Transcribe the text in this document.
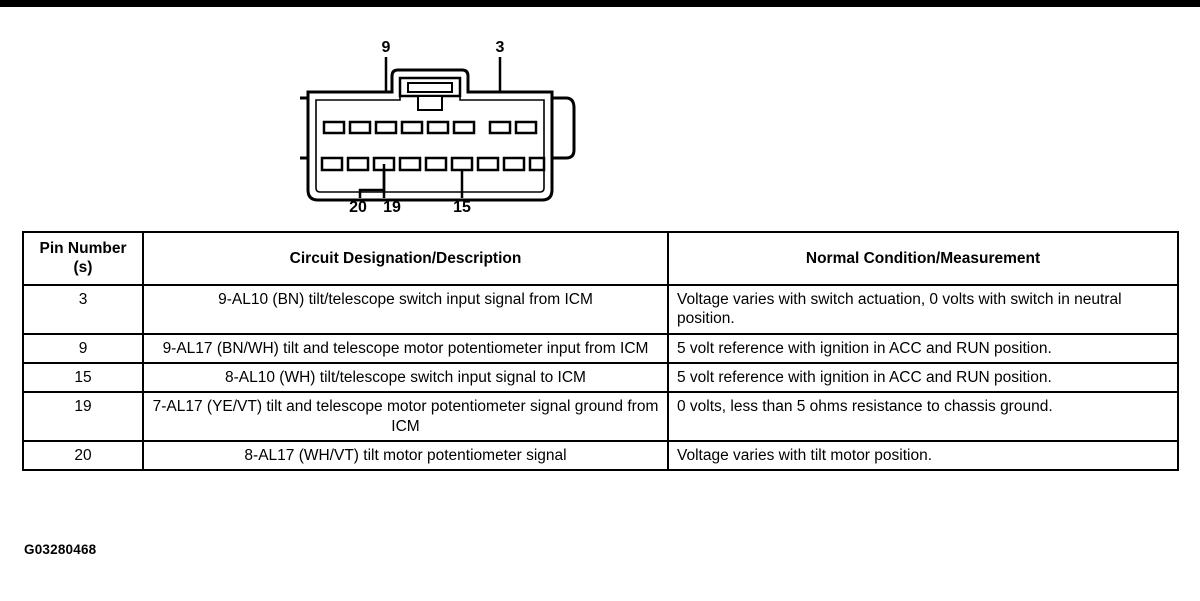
9	3
20 19	15
Pin Number
(s)	Circuit Designation/Description	Normal Condition/Measurement
3	9-AL10 (BN) tilt/telescope switch input signal from ICM	Voltage varies with switch actuation, 0 volts with switch in neutral position.
9	9-AL17 (BN/WH) tilt and telescope motor potentiometer input from ICM	5 volt reference with ignition in ACC and RUN position.
15	8-AL10 (WH) tilt/telescope switch input signal to ICM	5 volt reference with ignition in ACC and RUN position.
19	7-AL17 (YE/VT) tilt and telescope motor potentiometer signal ground from ICM	0 volts, less than 5 ohms resistance to chassis ground.
20	8-AL17 (WH/VT) tilt motor potentiometer signal	Voltage varies with tilt motor position.
G03280468
